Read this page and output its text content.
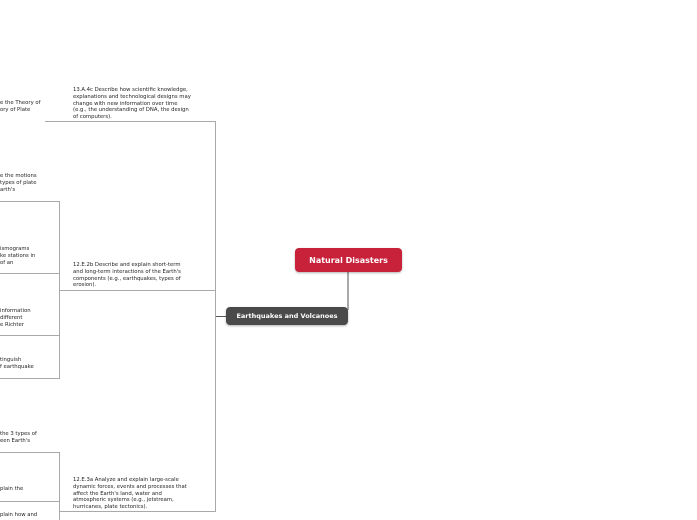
Natural Disasters
Earthquakes and Volcanoes
13.A.4c Describe how scientific knowledge,
explanations and technological designs may
change with new information over time
(e.g., the understanding of DNA, the design
of computers).
12.E.2b Describe and explain short-term
and long-term interactions of the Earth's
components (e.g., earthquakes, types of
erosion).
12.E.3a Analyze and explain large-scale
dynamic forces, events and processes that
affect the Earth's land, water and
atmospheric systems (e.g., jetstream,
hurricanes, plate tectonics).
e the Theory of
ory of Plate
e the motions
types of plate
arth's
ismograms
ke stations in
of an
information
different
e Richter
tinguish
f earthquake
the 3 types of
een Earth's
plain the
plain how and
